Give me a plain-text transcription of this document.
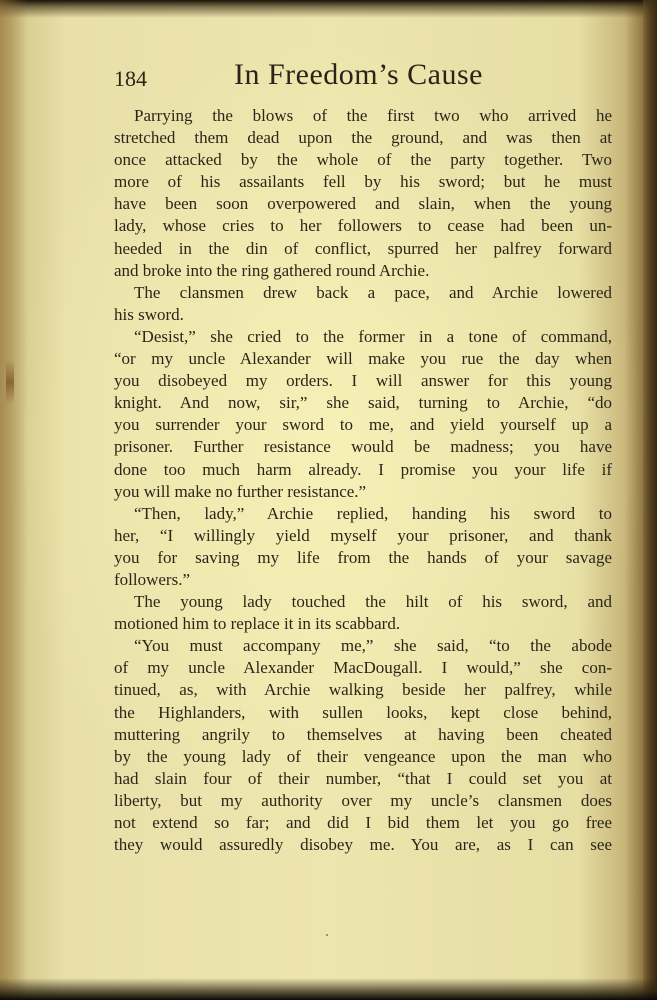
184	In Freedom’s Cause
Parrying the blows of the first two who arrived he
stretched them dead upon the ground, and was then at
once attacked by the whole of the party together. Two
more of his assailants fell by his sword; but he must
have been soon overpowered and slain, when the young
lady, whose cries to her followers to cease had been un-
heeded in the din of conflict, spurred her palfrey forward
and broke into the ring gathered round Archie.
The clansmen drew back a pace, and Archie lowered
his sword.
“Desist,” she cried to the former in a tone of command,
“or my uncle Alexander will make you rue the day when
you disobeyed my orders. I will answer for this young
knight. And now, sir,” she said, turning to Archie, “do
you surrender your sword to me, and yield yourself up a
prisoner. Further resistance would be madness; you have
done too much harm already. I promise you your life if
you will make no further resistance.”
“Then, lady,” Archie replied, handing his sword to
her, “I willingly yield myself your prisoner, and thank
you for saving my life from the hands of your savage
followers.”
The young lady touched the hilt of his sword, and
motioned him to replace it in its scabbard.
“You must accompany me,” she said, “to the abode
of my uncle Alexander MacDougall. I would,” she con-
tinued, as, with Archie walking beside her palfrey, while
the Highlanders, with sullen looks, kept close behind,
muttering angrily to themselves at having been cheated
by the young lady of their vengeance upon the man who
had slain four of their number, “that I could set you at
liberty, but my authority over my uncle’s clansmen does
not extend so far; and did I bid them let you go free
they would assuredly disobey me. You are, as I can see
